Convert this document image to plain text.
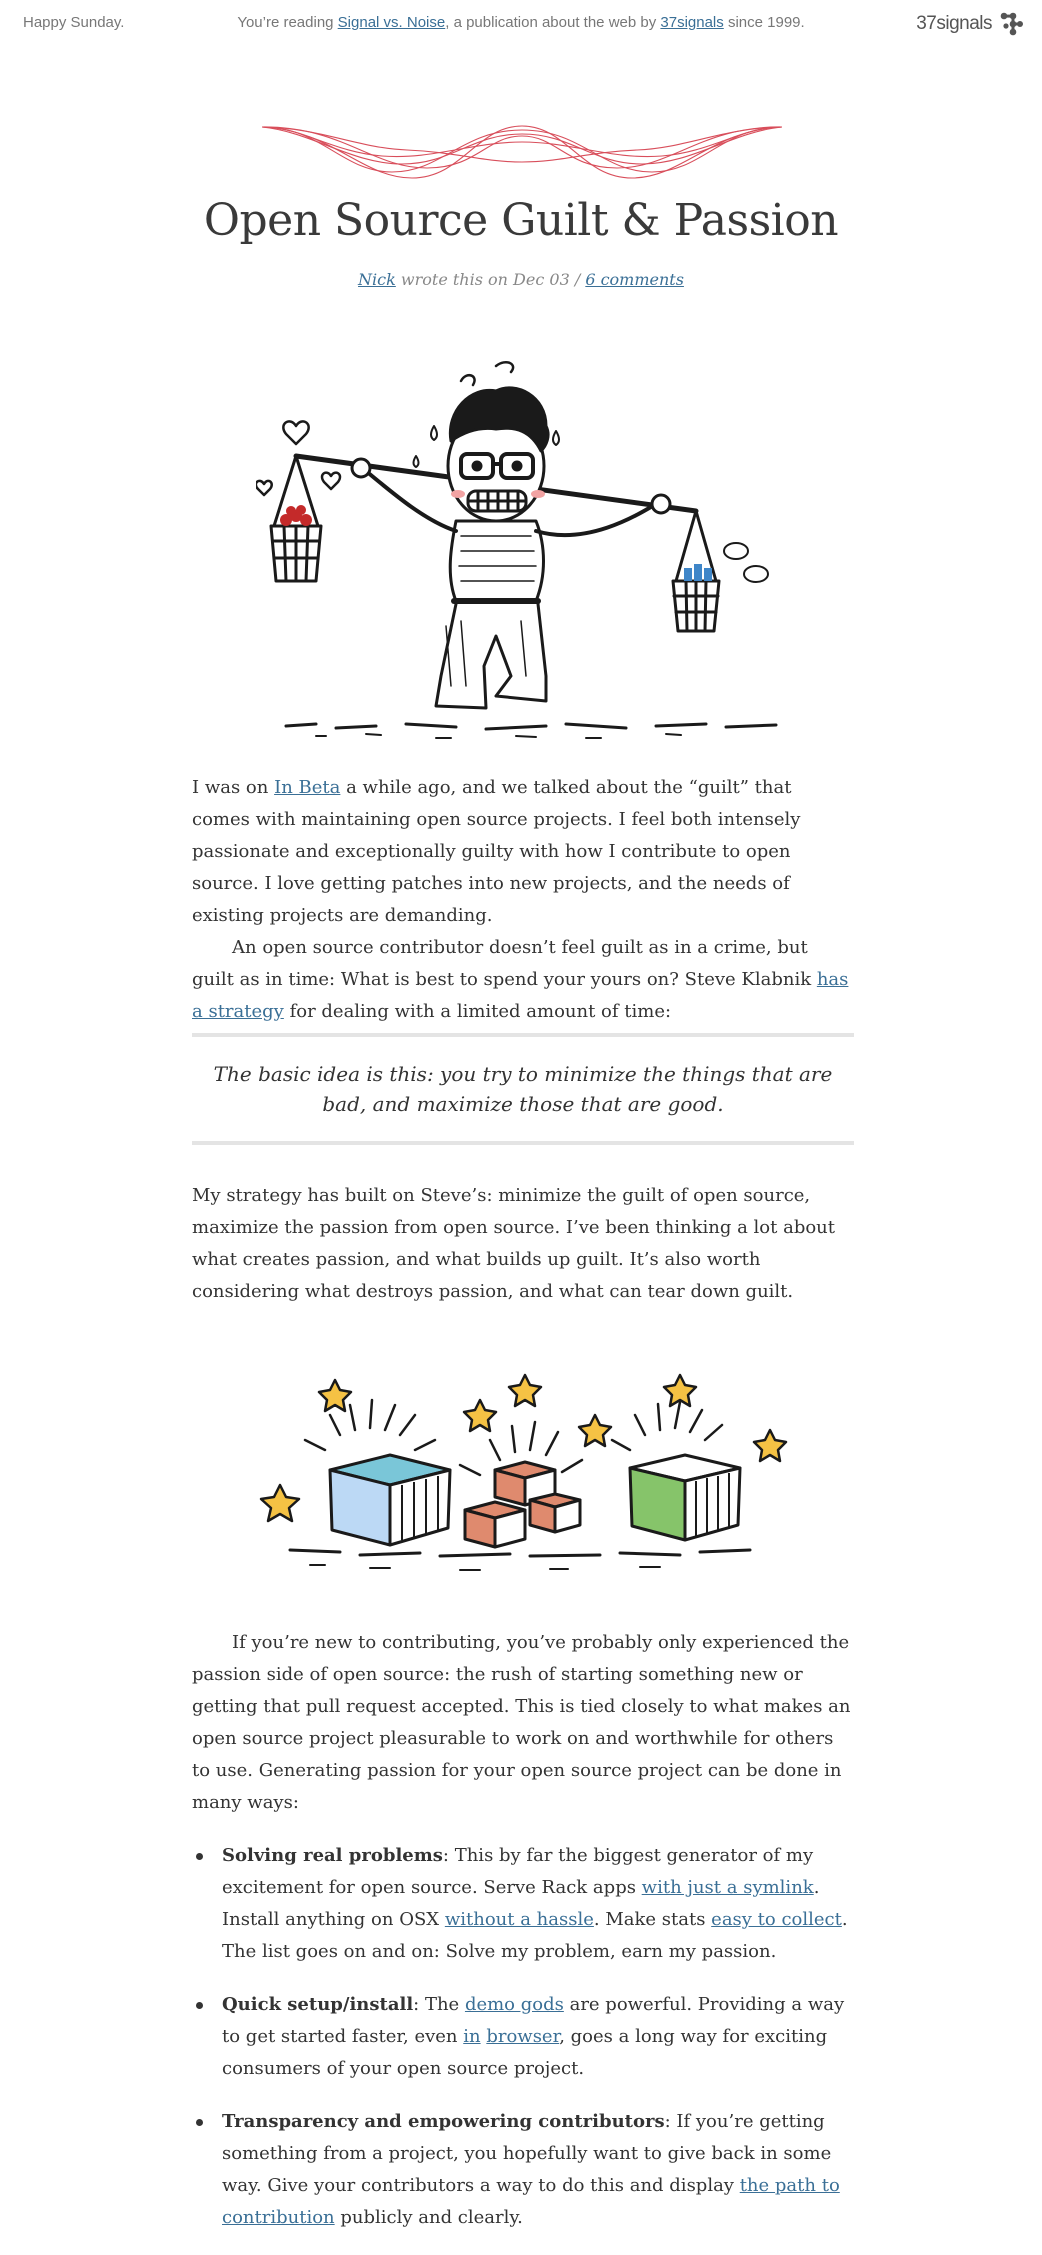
Happy Sunday.	You’re reading Signal vs. Noise, a publication about the web by 37signals since 1999.	37signals
Open Source Guilt & Passion
Nick wrote this on Dec 03 / 6 comments

I was on In Beta a while ago, and we talked about the “guilt” that comes with maintaining open source projects. I feel both intensely passionate and exceptionally guilty with how I contribute to open source. I love getting patches into new projects, and the needs of existing projects are demanding.

An open source contributor doesn’t feel guilt as in a crime, but guilt as in time: What is best to spend your yours on? Steve Klabnik has a strategy for dealing with a limited amount of time:

The basic idea is this: you try to minimize the things that are bad, and maximize those that are good.

My strategy has built on Steve’s: minimize the guilt of open source, maximize the passion from open source. I’ve been thinking a lot about what creates passion, and what builds up guilt. It’s also worth considering what destroys passion, and what can tear down guilt.

If you’re new to contributing, you’ve probably only experienced the passion side of open source: the rush of starting something new or getting that pull request accepted. This is tied closely to what makes an open source project pleasurable to work on and worthwhile for others to use. Generating passion for your open source project can be done in many ways:

Solving real problems: This by far the biggest generator of my excitement for open source. Serve Rack apps with just a symlink. Install anything on OSX without a hassle. Make stats easy to collect. The list goes on and on: Solve my problem, earn my passion.
Quick setup/install: The demo gods are powerful. Providing a way to get started faster, even in browser, goes a long way for exciting consumers of your open source project.
Transparency and empowering contributors: If you’re getting something from a project, you hopefully want to give back in some way. Give your contributors a way to do this and display the path to contribution publicly and clearly.
